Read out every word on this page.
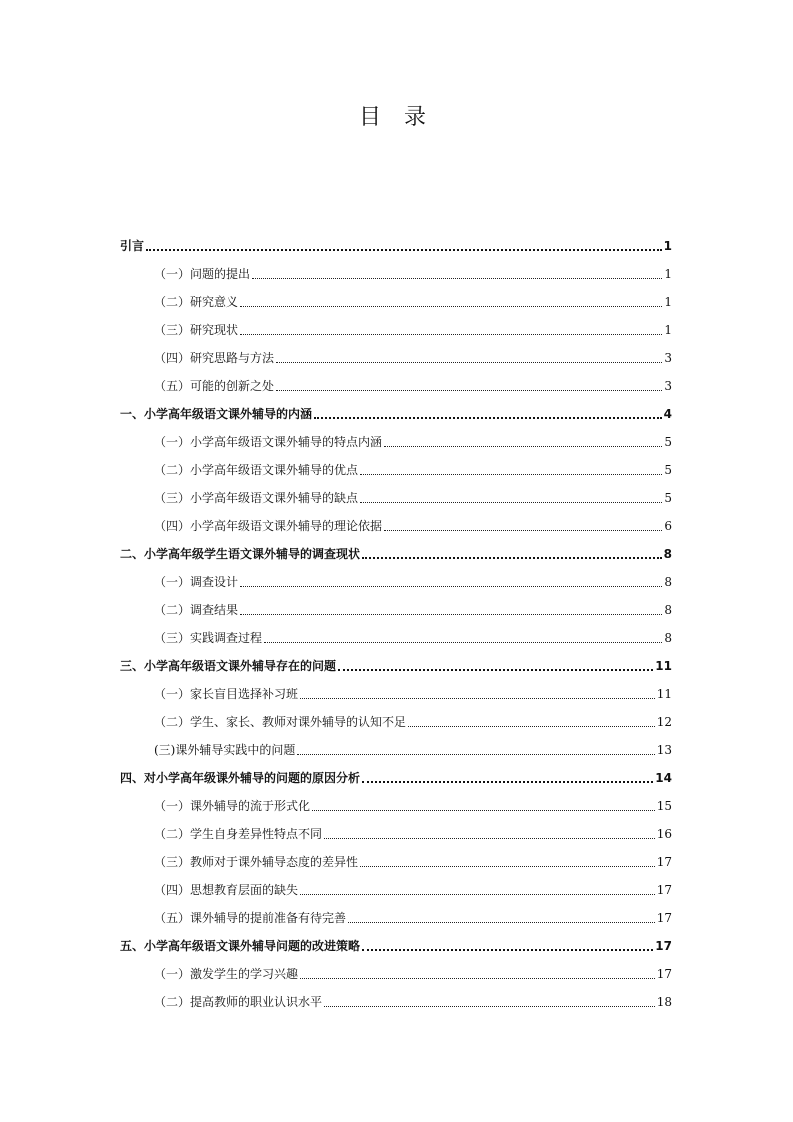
目 录
引言	1
（一）问题的提出	1
（二）研究意义	1
（三）研究现状	1
（四）研究思路与方法	3
（五）可能的创新之处	3
一、小学高年级语文课外辅导的内涵	4
（一）小学高年级语文课外辅导的特点内涵	5
（二）小学高年级语文课外辅导的优点	5
（三）小学高年级语文课外辅导的缺点	5
（四）小学高年级语文课外辅导的理论依据	6
二、小学高年级学生语文课外辅导的调查现状	8
（一）调查设计	8
（二）调查结果	8
（三）实践调查过程	8
三、小学高年级语文课外辅导存在的问题	11
（一）家长盲目选择补习班	11
（二）学生、家长、教师对课外辅导的认知不足	12
(三)课外辅导实践中的问题	13
四、对小学高年级课外辅导的问题的原因分析	14
（一）课外辅导的流于形式化	15
（二）学生自身差异性特点不同	16
（三）教师对于课外辅导态度的差异性	17
（四）思想教育层面的缺失	17
（五）课外辅导的提前准备有待完善	17
五、小学高年级语文课外辅导问题的改进策略	17
（一）激发学生的学习兴趣	17
（二）提高教师的职业认识水平	18
